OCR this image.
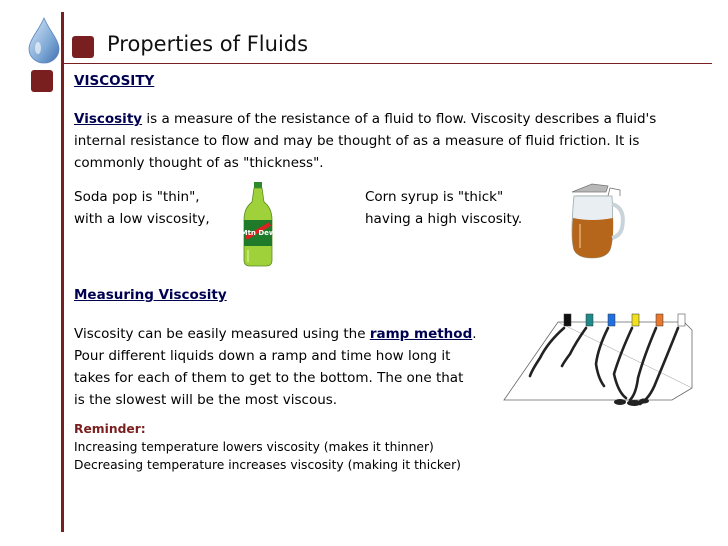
Properties of Fluids
VISCOSITY
Viscosity is a measure of the resistance of a fluid to flow. Viscosity describes a fluid's
internal resistance to flow and may be thought of as a measure of fluid friction. It is
commonly thought of as "thickness".
Soda pop is "thin",
with a low viscosity,
Mtn Dew
Corn syrup is "thick"
having a high viscosity.
Measuring Viscosity
Viscosity can be easily measured using the ramp method.
Pour different liquids down a ramp and time how long it
takes for each of them to get to the bottom. The one that
is the slowest will be the most viscous.
Reminder:
Increasing temperature lowers viscosity (makes it thinner)
Decreasing temperature increases viscosity (making it thicker)
